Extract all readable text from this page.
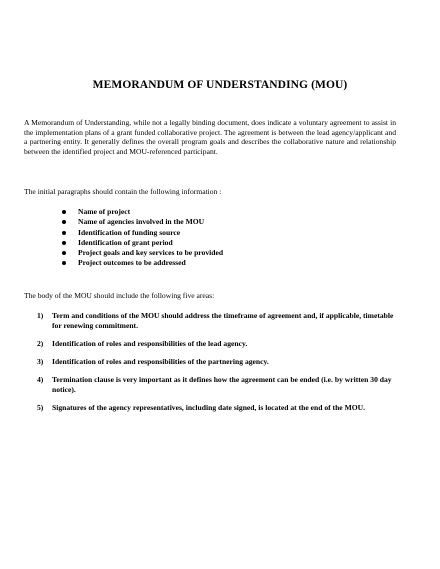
MEMORANDUM OF UNDERSTANDING (MOU)
A Memorandum of Understanding, while not a legally binding document, does indicate a voluntary agreement to assist in the implementation plans of a grant funded collaborative project. The agreement is between the lead agency/applicant and a partnering entity. It generally defines the overall program goals and describes the collaborative nature and relationship between the identified project and MOU-referenced participant.
The initial paragraphs should contain the following information :
Name of project
Name of agencies involved in the MOU
Identification of funding source
Identification of grant period
Project goals and key services to be provided
Project outcomes to be addressed
The body of the MOU should include the following five areas:
1) Term and conditions of the MOU should address the timeframe of agreement and, if applicable, timetable for renewing commitment.
2) Identification of roles and responsibilities of the lead agency.
3) Identification of roles and responsibilities of the partnering agency.
4) Termination clause is very important as it defines how the agreement can be ended (i.e. by written 30 day notice).
5) Signatures of the agency representatives, including date signed, is located at the end of the MOU.
